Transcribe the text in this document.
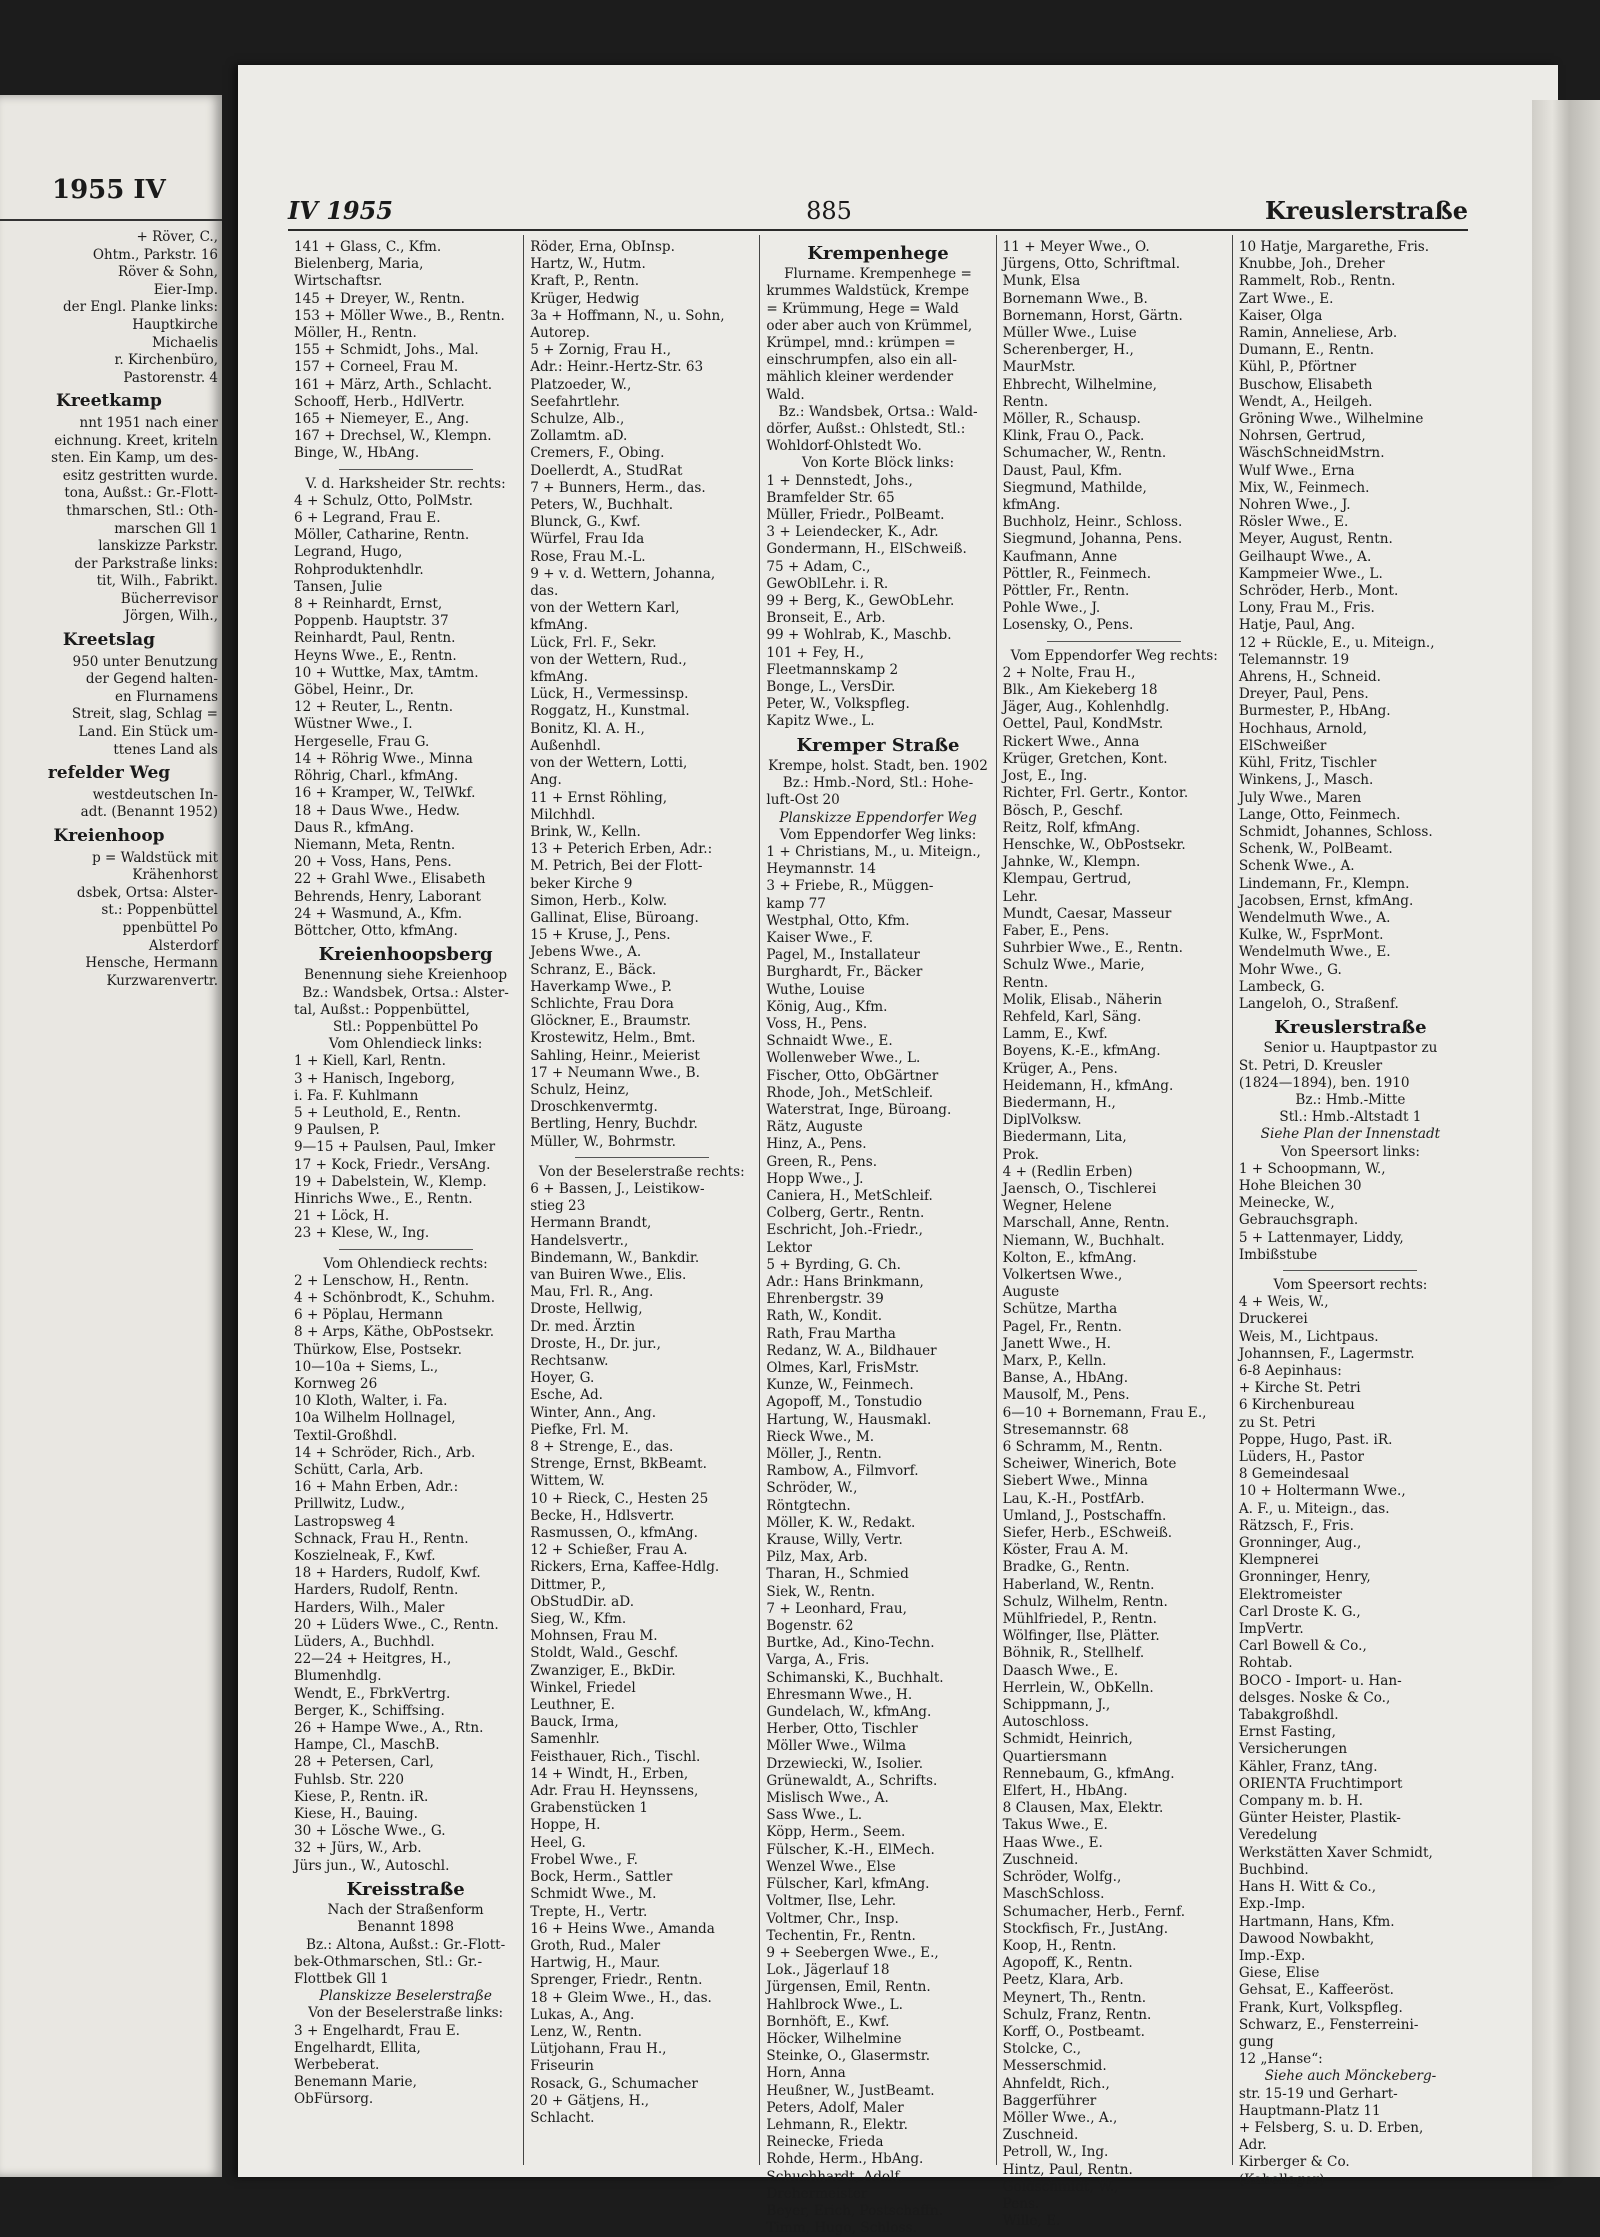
1955 IV
+ Röver, C.,
Ohtm., Parkstr. 16
Röver & Sohn,
Eier-Imp.
der Engl. Planke links:
Hauptkirche
Michaelis
r. Kirchenbüro,
Pastorenstr. 4
Kreetkamp
nnt 1951 nach einer
eichnung. Kreet, kriteln
sten. Ein Kamp, um des-
esitz gestritten wurde.
tona, Außst.: Gr.-Flott-
thmarschen, Stl.: Oth-
marschen Gll 1
lanskizze Parkstr.
der Parkstraße links:
tit, Wilh., Fabrikt.
Bücherrevisor
Jörgen, Wilh.,
Kreetslag
950 unter Benutzung
der Gegend halten-
en Flurnamens
Streit, slag, Schlag =
Land. Ein Stück um-
ttenes Land als
refelder Weg
westdeutschen In-
adt. (Benannt 1952)
Kreienhoop
p = Waldstück mit
Krähenhorst
dsbek, Ortsa: Alster-
st.: Poppenbüttel
ppenbüttel Po
Alsterdorf
Hensche, Hermann
Kurzwarenvertr.
IV 1955	885	Kreuslerstraße
141 + Glass, C., Kfm.
Bielenberg, Maria,
Wirtschaftsr.
145 + Dreyer, W., Rentn.
153 + Möller Wwe., B., Rentn.
Möller, H., Rentn.
155 + Schmidt, Johs., Mal.
157 + Corneel, Frau M.
161 + März, Arth., Schlacht.
Schooff, Herb., HdlVertr.
165 + Niemeyer, E., Ang.
167 + Drechsel, W., Klempn.
Binge, W., HbAng.
V. d. Harksheider Str. rechts:
4 + Schulz, Otto, PolMstr.
6 + Legrand, Frau E.
Möller, Catharine, Rentn.
Legrand, Hugo,
Rohproduktenhdlr.
Tansen, Julie
8 + Reinhardt, Ernst,
Poppenb. Hauptstr. 37
Reinhardt, Paul, Rentn.
Heyns Wwe., E., Rentn.
10 + Wuttke, Max, tAmtm.
Göbel, Heinr., Dr.
12 + Reuter, L., Rentn.
Wüstner Wwe., I.
Hergeselle, Frau G.
14 + Röhrig Wwe., Minna
Röhrig, Charl., kfmAng.
16 + Kramper, W., TelWkf.
18 + Daus Wwe., Hedw.
Daus R., kfmAng.
Niemann, Meta, Rentn.
20 + Voss, Hans, Pens.
22 + Grahl Wwe., Elisabeth
Behrends, Henry, Laborant
24 + Wasmund, A., Kfm.
Böttcher, Otto, kfmAng.
Kreienhoopsberg
Benennung siehe Kreienhoop
Bz.: Wandsbek, Ortsa.: Alster-
tal, Außst.: Poppenbüttel,
Stl.: Poppenbüttel Po
Vom Ohlendieck links:
1 + Kiell, Karl, Rentn.
3 + Hanisch, Ingeborg,
i. Fa. F. Kuhlmann
5 + Leuthold, E., Rentn.
9 Paulsen, P.
9—15 + Paulsen, Paul, Imker
17 + Kock, Friedr., VersAng.
19 + Dabelstein, W., Klemp.
Hinrichs Wwe., E., Rentn.
21 + Löck, H.
23 + Klese, W., Ing.
Vom Ohlendieck rechts:
2 + Lenschow, H., Rentn.
4 + Schönbrodt, K., Schuhm.
6 + Pöplau, Hermann
8 + Arps, Käthe, ObPostsekr.
Thürkow, Else, Postsekr.
10—10a + Siems, L.,
Kornweg 26
10 Kloth, Walter, i. Fa.
10a Wilhelm Hollnagel,
Textil-Großhdl.
14 + Schröder, Rich., Arb.
Schütt, Carla, Arb.
16 + Mahn Erben, Adr.:
Prillwitz, Ludw.,
Lastropsweg 4
Schnack, Frau H., Rentn.
Koszielneak, F., Kwf.
18 + Harders, Rudolf, Kwf.
Harders, Rudolf, Rentn.
Harders, Wilh., Maler
20 + Lüders Wwe., C., Rentn.
Lüders, A., Buchhdl.
22—24 + Heitgres, H.,
Blumenhdlg.
Wendt, E., FbrkVertrg.
Berger, K., Schiffsing.
26 + Hampe Wwe., A., Rtn.
Hampe, Cl., MaschB.
28 + Petersen, Carl,
Fuhlsb. Str. 220
Kiese, P., Rentn. iR.
Kiese, H., Bauing.
30 + Lösche Wwe., G.
32 + Jürs, W., Arb.
Jürs jun., W., Autoschl.
Kreisstraße
Nach der Straßenform
Benannt 1898
Bz.: Altona, Außst.: Gr.-Flott-
bek-Othmarschen, Stl.: Gr.-
Flottbek Gll 1
Planskizze Beselerstraße
Von der Beselerstraße links:
3 + Engelhardt, Frau E.
Engelhardt, Ellita,
Werbeberat.
Benemann Marie,
ObFürsorg.
Röder, Erna, ObInsp.
Hartz, W., Hutm.
Kraft, P., Rentn.
Krüger, Hedwig
3a + Hoffmann, N., u. Sohn,
Autorep.
5 + Zornig, Frau H.,
Adr.: Heinr.-Hertz-Str. 63
Platzoeder, W.,
Seefahrtlehr.
Schulze, Alb.,
Zollamtm. aD.
Cremers, F., Obing.
Doellerdt, A., StudRat
7 + Bunners, Herm., das.
Peters, W., Buchhalt.
Blunck, G., Kwf.
Würfel, Frau Ida
Rose, Frau M.-L.
9 + v. d. Wettern, Johanna,
das.
von der Wettern Karl,
kfmAng.
Lück, Frl. F., Sekr.
von der Wettern, Rud.,
kfmAng.
Lück, H., Vermessinsp.
Roggatz, H., Kunstmal.
Bonitz, Kl. A. H.,
Außenhdl.
von der Wettern, Lotti,
Ang.
11 + Ernst Röhling,
Milchhdl.
Brink, W., Kelln.
13 + Peterich Erben, Adr.:
M. Petrich, Bei der Flott-
beker Kirche 9
Simon, Herb., Kolw.
Gallinat, Elise, Büroang.
15 + Kruse, J., Pens.
Jebens Wwe., A.
Schranz, E., Bäck.
Haverkamp Wwe., P.
Schlichte, Frau Dora
Glöckner, E., Braumstr.
Krostewitz, Helm., Bmt.
Sahling, Heinr., Meierist
17 + Neumann Wwe., B.
Schulz, Heinz,
Droschkenvermtg.
Bertling, Henry, Buchdr.
Müller, W., Bohrmstr.
Von der Beselerstraße rechts:
6 + Bassen, J., Leistikow-
stieg 23
Hermann Brandt,
Handelsvertr.,
Bindemann, W., Bankdir.
van Buiren Wwe., Elis.
Mau, Frl. R., Ang.
Droste, Hellwig,
Dr. med. Ärztin
Droste, H., Dr. jur.,
Rechtsanw.
Hoyer, G.
Esche, Ad.
Winter, Ann., Ang.
Piefke, Frl. M.
8 + Strenge, E., das.
Strenge, Ernst, BkBeamt.
Wittem, W.
10 + Rieck, C., Hesten 25
Becke, H., Hdlsvertr.
Rasmussen, O., kfmAng.
12 + Schießer, Frau A.
Rickers, Erna, Kaffee-Hdlg.
Dittmer, P.,
ObStudDir. aD.
Sieg, W., Kfm.
Mohnsen, Frau M.
Stoldt, Wald., Geschf.
Zwanziger, E., BkDir.
Winkel, Friedel
Leuthner, E.
Bauck, Irma,
Samenhlr.
Feisthauer, Rich., Tischl.
14 + Windt, H., Erben,
Adr. Frau H. Heynssens,
Grabenstücken 1
Hoppe, H.
Heel, G.
Frobel Wwe., F.
Bock, Herm., Sattler
Schmidt Wwe., M.
Trepte, H., Vertr.
16 + Heins Wwe., Amanda
Groth, Rud., Maler
Hartwig, H., Maur.
Sprenger, Friedr., Rentn.
18 + Gleim Wwe., H., das.
Lukas, A., Ang.
Lenz, W., Rentn.
Lütjohann, Frau H.,
Friseurin
Rosack, G., Schumacher
20 + Gätjens, H.,
Schlacht.
Krempenhege
Flurname. Krempenhege =
krummes Waldstück, Krempe
= Krümmung, Hege = Wald
oder aber auch von Krümmel,
Krümpel, mnd.: krümpen =
einschrumpfen, also ein all-
mählich kleiner werdender
Wald.
Bz.: Wandsbek, Ortsa.: Wald-
dörfer, Außst.: Ohlstedt, Stl.:
Wohldorf-Ohlstedt Wo.
Von Korte Blöck links:
1 + Dennstedt, Johs.,
Bramfelder Str. 65
Müller, Friedr., PolBeamt.
3 + Leiendecker, K., Adr.
Gondermann, H., ElSchweiß.
75 + Adam, C.,
GewOblLehr. i. R.
99 + Berg, K., GewObLehr.
Bronseit, E., Arb.
99 + Wohlrab, K., Maschb.
101 + Fey, H.,
Fleetmannskamp 2
Bonge, L., VersDir.
Peter, W., Volkspfleg.
Kapitz Wwe., L.
Kremper Straße
Krempe, holst. Stadt, ben. 1902
Bz.: Hmb.-Nord, Stl.: Hohe-
luft-Ost 20
Planskizze Eppendorfer Weg
Vom Eppendorfer Weg links:
1 + Christians, M., u. Miteign.,
Heymannstr. 14
3 + Friebe, R., Müggen-
kamp 77
Westphal, Otto, Kfm.
Kaiser Wwe., F.
Pagel, M., Installateur
Burghardt, Fr., Bäcker
Wuthe, Louise
König, Aug., Kfm.
Voss, H., Pens.
Schnaidt Wwe., E.
Wollenweber Wwe., L.
Fischer, Otto, ObGärtner
Rhode, Joh., MetSchleif.
Waterstrat, Inge, Büroang.
Rätz, Auguste
Hinz, A., Pens.
Green, R., Pens.
Hopp Wwe., J.
Caniera, H., MetSchleif.
Colberg, Gertr., Rentn.
Eschricht, Joh.-Friedr.,
Lektor
5 + Byrding, G. Ch.
Adr.: Hans Brinkmann,
Ehrenbergstr. 39
Rath, W., Kondit.
Rath, Frau Martha
Redanz, W. A., Bildhauer
Olmes, Karl, FrisMstr.
Kunze, W., Feinmech.
Agopoff, M., Tonstudio
Hartung, W., Hausmakl.
Rieck Wwe., M.
Möller, J., Rentn.
Rambow, A., Filmvorf.
Schröder, W.,
Röntgtechn.
Möller, K. W., Redakt.
Krause, Willy, Vertr.
Pilz, Max, Arb.
Tharan, H., Schmied
Siek, W., Rentn.
7 + Leonhard, Frau,
Bogenstr. 62
Burtke, Ad., Kino-Techn.
Varga, A., Fris.
Schimanski, K., Buchhalt.
Ehresmann Wwe., H.
Gundelach, W., kfmAng.
Herber, Otto, Tischler
Möller Wwe., Wilma
Drzewiecki, W., Isolier.
Grünewaldt, A., Schrifts.
Mislisch Wwe., A.
Sass Wwe., L.
Köpp, Herm., Seem.
Fülscher, K.-H., ElMech.
Wenzel Wwe., Else
Fülscher, Karl, kfmAng.
Voltmer, Ilse, Lehr.
Voltmer, Chr., Insp.
Techentin, Fr., Rentn.
9 + Seebergen Wwe., E.,
Lok., Jägerlauf 18
Jürgensen, Emil, Rentn.
Hahlbrock Wwe., L.
Bornhöft, E., Kwf.
Höcker, Wilhelmine
Steinke, O., Glasermstr.
Horn, Anna
Heußner, W., JustBeamt.
Peters, Adolf, Maler
Lehmann, R., Elektr.
Reinecke, Frieda
Rohde, Herm., HbAng.
Schuchhardt, Adolf,
Drehermeister
Beyer, Erich, Postschaffn.
Timm, Hugo, Schloss.
11 + Meyer Wwe., O.
Jürgens, Otto, Schriftmal.
Munk, Elsa
Bornemann Wwe., B.
Bornemann, Horst, Gärtn.
Müller Wwe., Luise
Scherenberger, H.,
MaurMstr.
Ehbrecht, Wilhelmine,
Rentn.
Möller, R., Schausp.
Klink, Frau O., Pack.
Schumacher, W., Rentn.
Daust, Paul, Kfm.
Siegmund, Mathilde,
kfmAng.
Buchholz, Heinr., Schloss.
Siegmund, Johanna, Pens.
Kaufmann, Anne
Pöttler, R., Feinmech.
Pöttler, Fr., Rentn.
Pohle Wwe., J.
Losensky, O., Pens.
Vom Eppendorfer Weg rechts:
2 + Nolte, Frau H.,
Blk., Am Kiekeberg 18
Jäger, Aug., Kohlenhdlg.
Oettel, Paul, KondMstr.
Rickert Wwe., Anna
Krüger, Gretchen, Kont.
Jost, E., Ing.
Richter, Frl. Gertr., Kontor.
Bösch, P., Geschf.
Reitz, Rolf, kfmAng.
Henschke, W., ObPostsekr.
Jahnke, W., Klempn.
Klempau, Gertrud,
Lehr.
Mundt, Caesar, Masseur
Faber, E., Pens.
Suhrbier Wwe., E., Rentn.
Schulz Wwe., Marie,
Rentn.
Molik, Elisab., Näherin
Rehfeld, Karl, Säng.
Lamm, E., Kwf.
Boyens, K.-E., kfmAng.
Krüger, A., Pens.
Heidemann, H., kfmAng.
Biedermann, H.,
DiplVolksw.
Biedermann, Lita,
Prok.
4 + (Redlin Erben)
Jaensch, O., Tischlerei
Wegner, Helene
Marschall, Anne, Rentn.
Niemann, W., Buchhalt.
Kolton, E., kfmAng.
Volkertsen Wwe.,
Auguste
Schütze, Martha
Pagel, Fr., Rentn.
Janett Wwe., H.
Marx, P., Kelln.
Banse, A., HbAng.
Mausolf, M., Pens.
6—10 + Bornemann, Frau E.,
Stresemannstr. 68
6 Schramm, M., Rentn.
Scheiwer, Winerich, Bote
Siebert Wwe., Minna
Lau, K.-H., PostfArb.
Umland, J., Postschaffn.
Siefer, Herb., ESchweiß.
Köster, Frau A. M.
Bradke, G., Rentn.
Haberland, W., Rentn.
Schulz, Wilhelm, Rentn.
Mühlfriedel, P., Rentn.
Wölfinger, Ilse, Plätter.
Böhnik, R., Stellhelf.
Daasch Wwe., E.
Herrlein, W., ObKelln.
Schippmann, J.,
Autoschloss.
Schmidt, Heinrich,
Quartiersmann
Rennebaum, G., kfmAng.
Elfert, H., HbAng.
8 Clausen, Max, Elektr.
Takus Wwe., E.
Haas Wwe., E.
Zuschneid.
Schröder, Wolfg.,
MaschSchloss.
Schumacher, Herb., Fernf.
Stockfisch, Fr., JustAng.
Koop, H., Rentn.
Agopoff, K., Rentn.
Peetz, Klara, Arb.
Meynert, Th., Rentn.
Schulz, Franz, Rentn.
Korff, O., Postbeamt.
Stolcke, C.,
Messerschmid.
Ahnfeldt, Rich.,
Baggerführer
Möller Wwe., A.,
Zuschneid.
Petroll, W., Ing.
Hintz, Paul, Rentn.
Goldschmidt, W.,
Pens.
Wille, E.
10 Hatje, Margarethe, Fris.
Knubbe, Joh., Dreher
Rammelt, Rob., Rentn.
Zart Wwe., E.
Kaiser, Olga
Ramin, Anneliese, Arb.
Dumann, E., Rentn.
Kühl, P., Pförtner
Buschow, Elisabeth
Wendt, A., Heilgeh.
Gröning Wwe., Wilhelmine
Nohrsen, Gertrud,
WäschSchneidMstrn.
Wulf Wwe., Erna
Mix, W., Feinmech.
Nohren Wwe., J.
Rösler Wwe., E.
Meyer, August, Rentn.
Geilhaupt Wwe., A.
Kampmeier Wwe., L.
Schröder, Herb., Mont.
Lony, Frau M., Fris.
Hatje, Paul, Ang.
12 + Rückle, E., u. Miteign.,
Telemannstr. 19
Ahrens, H., Schneid.
Dreyer, Paul, Pens.
Burmester, P., HbAng.
Hochhaus, Arnold,
ElSchweißer
Kühl, Fritz, Tischler
Winkens, J., Masch.
July Wwe., Maren
Lange, Otto, Feinmech.
Schmidt, Johannes, Schloss.
Schenk, W., PolBeamt.
Schenk Wwe., A.
Lindemann, Fr., Klempn.
Jacobsen, Ernst, kfmAng.
Wendelmuth Wwe., A.
Kulke, W., FsprMont.
Wendelmuth Wwe., E.
Mohr Wwe., G.
Lambeck, G.
Langeloh, O., Straßenf.
Kreuslerstraße
Senior u. Hauptpastor zu
St. Petri, D. Kreusler
(1824—1894), ben. 1910
Bz.: Hmb.-Mitte
Stl.: Hmb.-Altstadt 1
Siehe Plan der Innenstadt
Von Speersort links:
1 + Schoopmann, W.,
Hohe Bleichen 30
Meinecke, W.,
Gebrauchsgraph.
5 + Lattenmayer, Liddy,
Imbißstube
Vom Speersort rechts:
4 + Weis, W.,
Druckerei
Weis, M., Lichtpaus.
Johannsen, F., Lagermstr.
6-8 Aepinhaus:
+ Kirche St. Petri
6 Kirchenbureau
zu St. Petri
Poppe, Hugo, Past. iR.
Lüders, H., Pastor
8 Gemeindesaal
10 + Holtermann Wwe.,
A. F., u. Miteign., das.
Rätzsch, F., Fris.
Gronninger, Aug.,
Klempnerei
Gronninger, Henry,
Elektromeister
Carl Droste K. G.,
ImpVertr.
Carl Bowell & Co.,
Rohtab.
BOCO - Import- u. Han-
delsges. Noske & Co.,
Tabakgroßhdl.
Ernst Fasting,
Versicherungen
Kähler, Franz, tAng.
ORIENTA Fruchtimport
Company m. b. H.
Günter Heister, Plastik-
Veredelung
Werkstätten Xaver Schmidt,
Buchbind.
Hans H. Witt & Co.,
Exp.-Imp.
Hartmann, Hans, Kfm.
Dawood Nowbakht,
Imp.-Exp.
Giese, Elise
Gehsat, E., Kaffeeröst.
Frank, Kurt, Volkspfleg.
Schwarz, E., Fensterreini-
gung
12 „Hanse“:
Siehe auch Mönckeberg-
str. 15-19 und Gerhart-
Hauptmann-Platz 11
+ Felsberg, S. u. D. Erben,
Adr.
Kirberger & Co.
(Kabellager)
